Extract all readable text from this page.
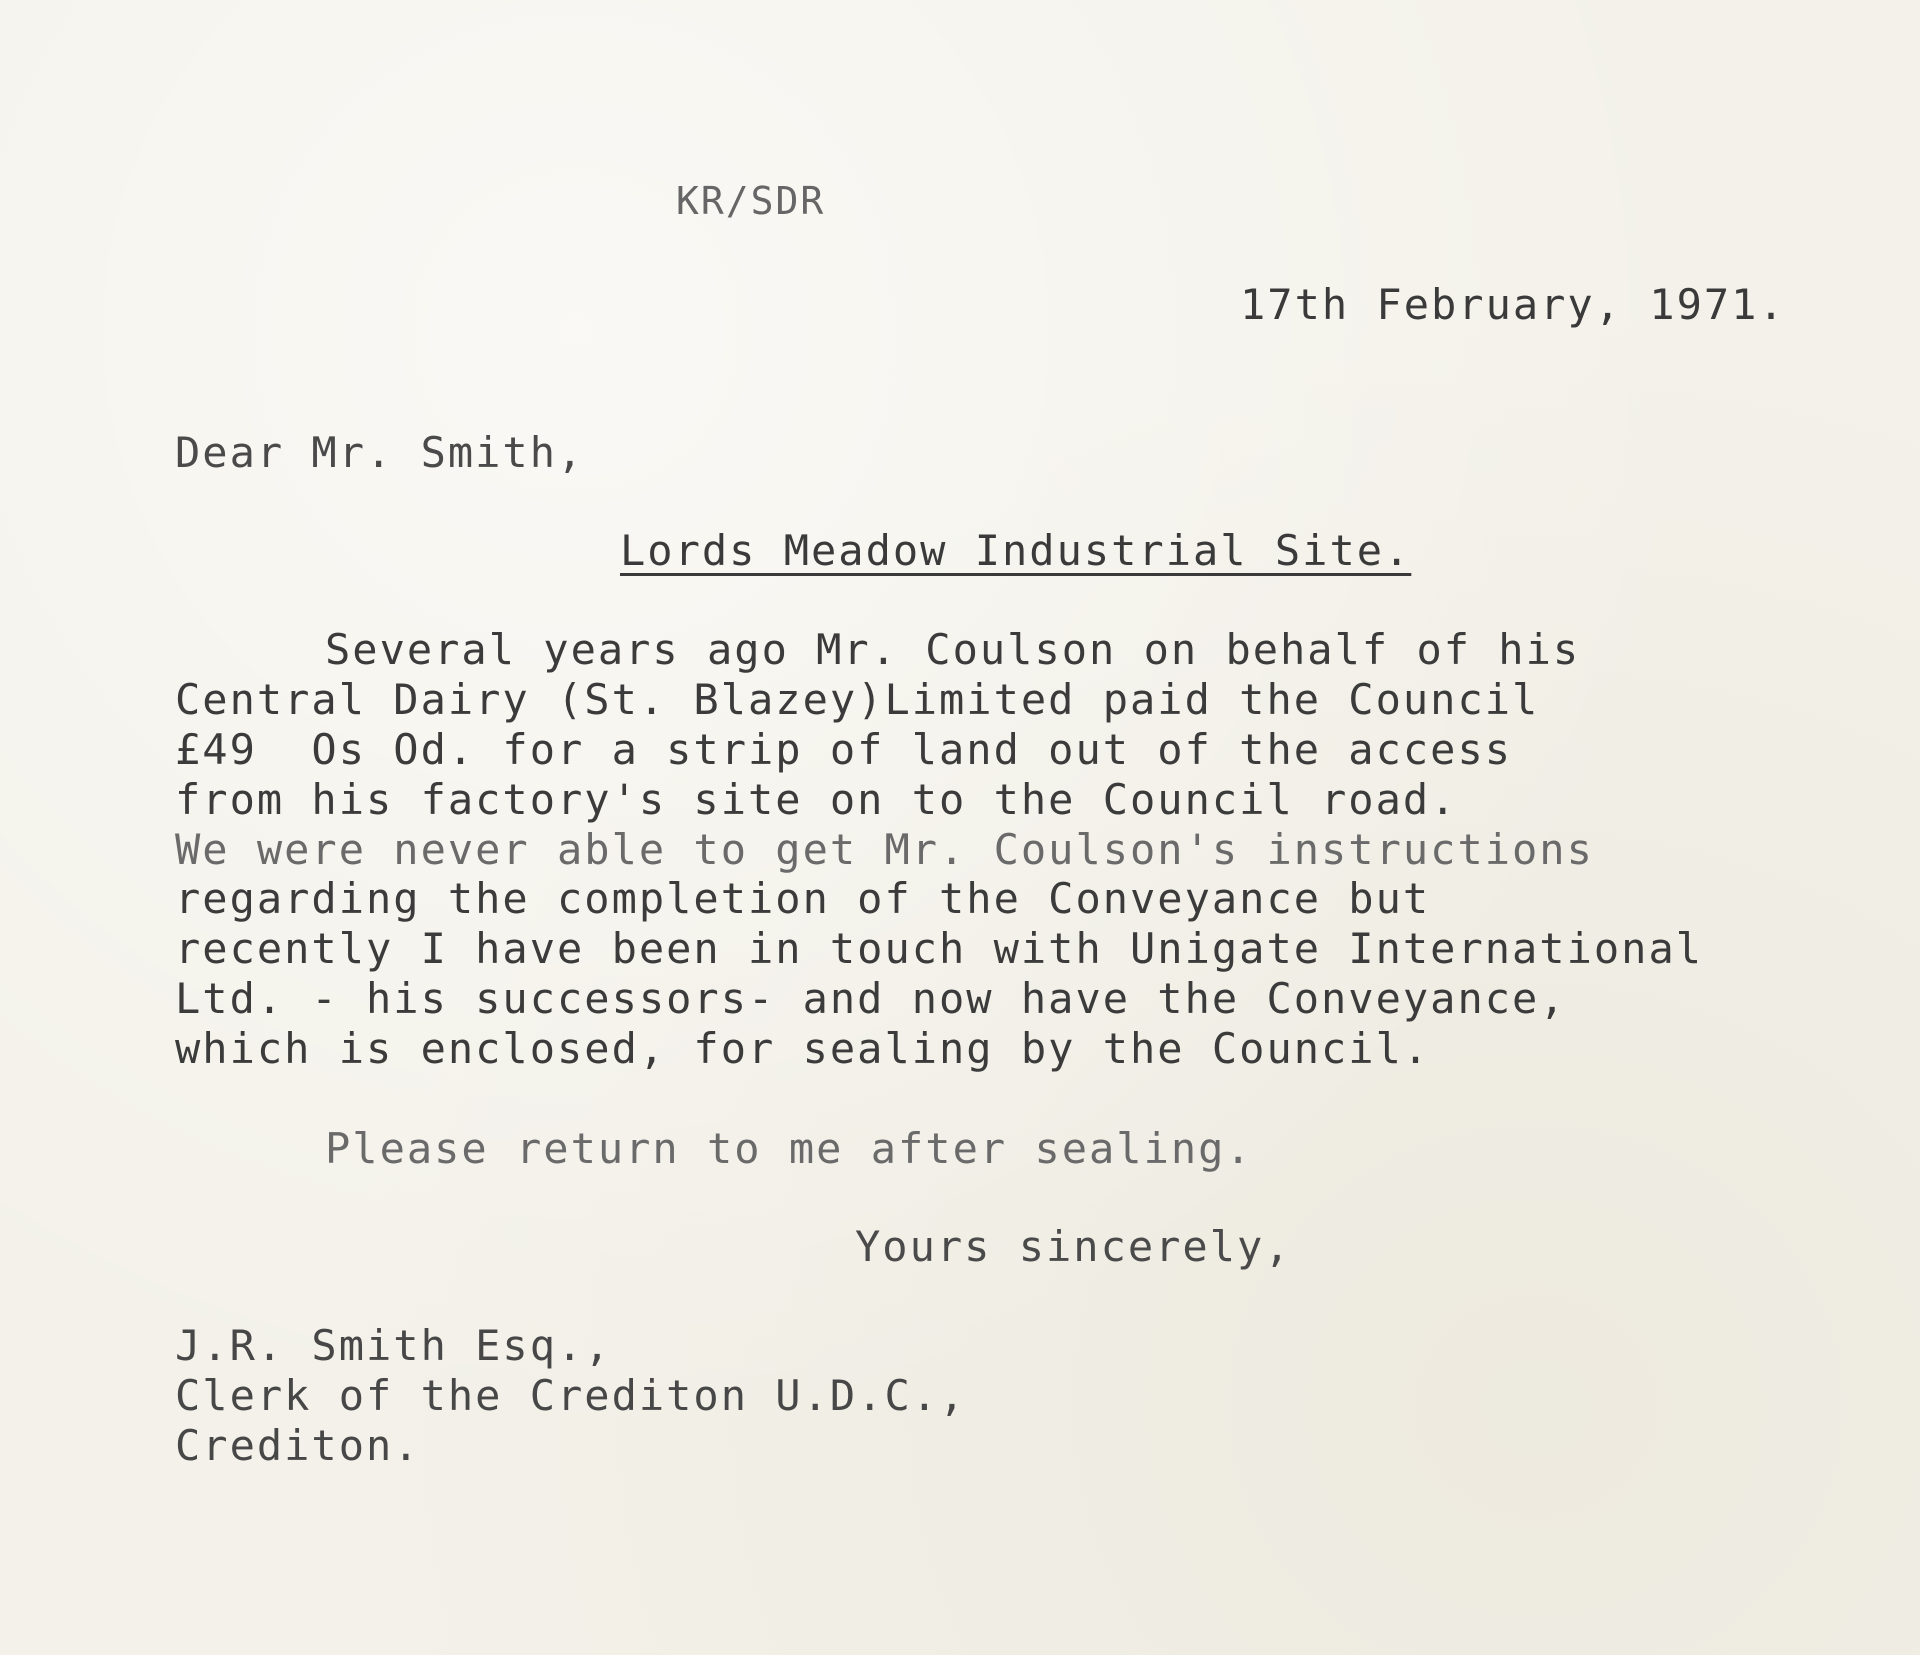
KR/SDR
17th February, 1971.
Dear Mr. Smith,
Lords Meadow Industrial Site.
Several years ago Mr. Coulson on behalf of his
Central Dairy (St. Blazey)Limited paid the Council
£49  Os Od. for a strip of land out of the access
from his factory's site on to the Council road.
We were never able to get Mr. Coulson's instructions
regarding the completion of the Conveyance but
recently I have been in touch with Unigate International
Ltd. - his successors- and now have the Conveyance,
which is enclosed, for sealing by the Council.
Please return to me after sealing.
Yours sincerely,
J.R. Smith Esq.,
Clerk of the Crediton U.D.C.,
Crediton.
